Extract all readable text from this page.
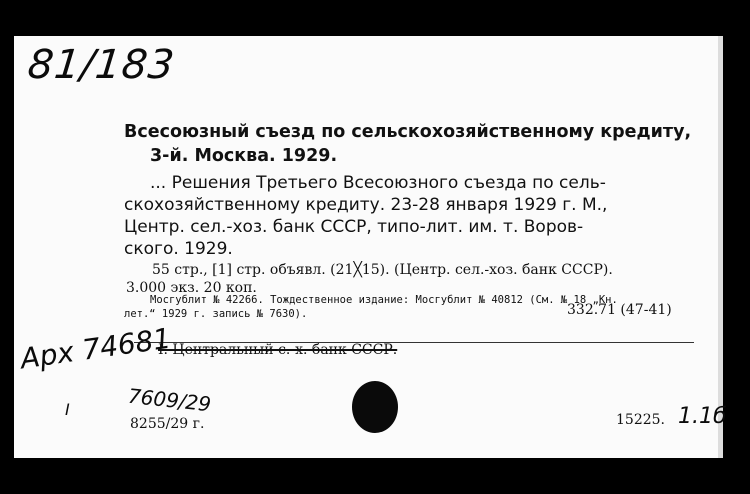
81/183
Всесоюзный съезд по сельскохозяйственному кредиту,
3-й. Москва. 1929.
... Решения Третьего Всесоюзного съезда по сель-
скохозяйственному кредиту. 23-28 января 1929 г. М.,
Центр. сел.-хоз. банк СССР, типо-лит. им. т. Воров-
ского. 1929.
55 стр., [1] стр. объявл. (21╳15). (Центр. сел.-хоз. банк СССР).
3.000 экз. 20 коп.
Мосгублит № 42266. Тождественное издание: Мосгублит № 40812 (См. № 18 „Кн.
лет.“ 1929 г. запись № 7630).	332.71 (47-41)
I. Центральный с.-х. банк СССР.
Арх 74681
I	7609/29
8255/29 г.	15225. 1.1б
